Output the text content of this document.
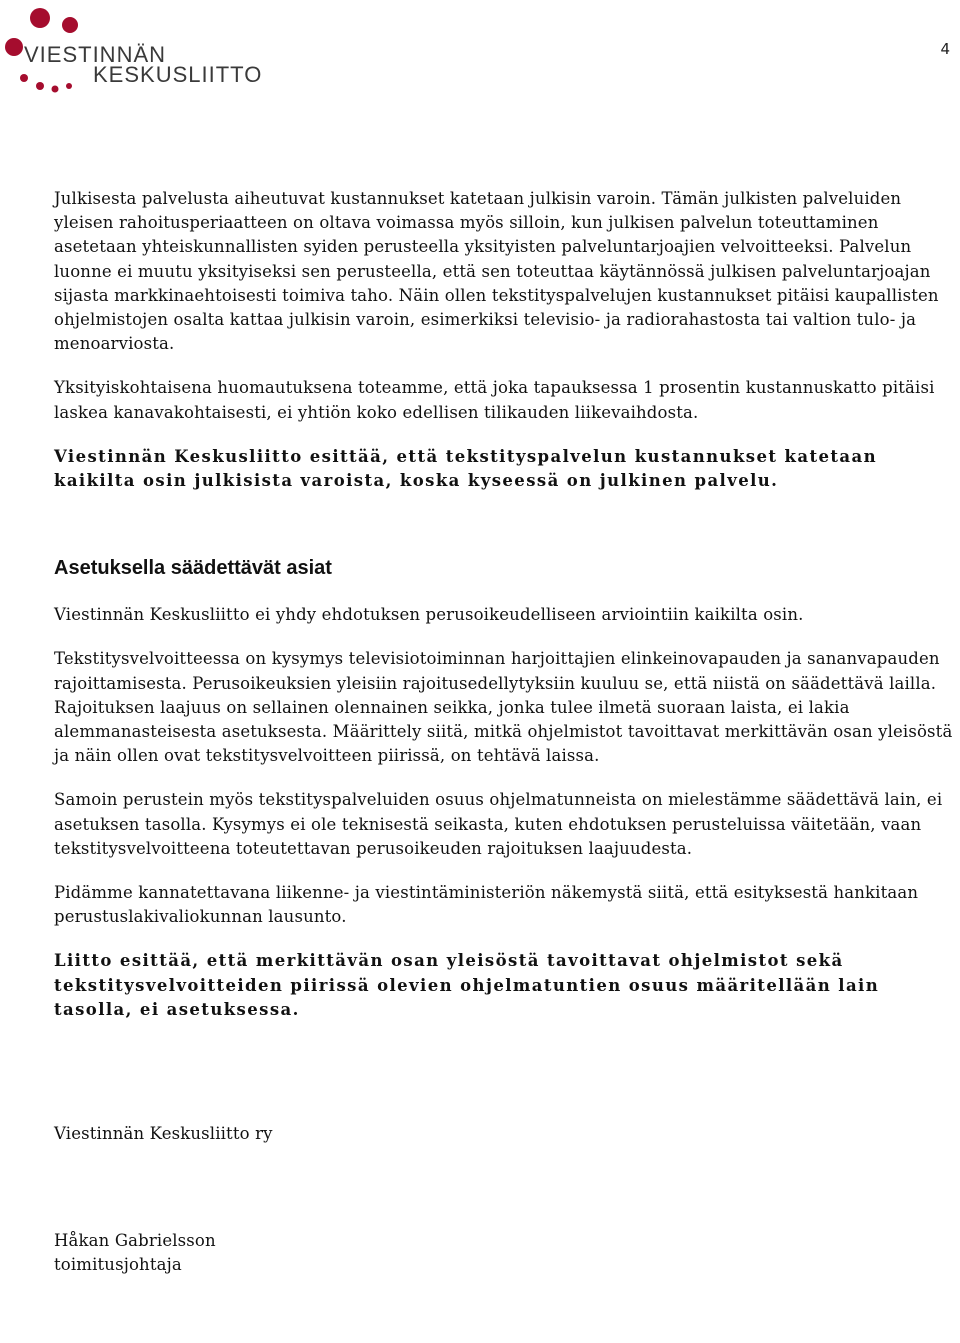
VIESTINNÄN
KESKUSLIITTO
4

Julkisesta palvelusta aiheutuvat kustannukset katetaan julkisin varoin. Tämän julkisten palveluiden yleisen rahoitusperiaatteen on oltava voimassa myös silloin, kun julkisen palvelun toteuttaminen asetetaan yhteiskunnallisten syiden perusteella yksityisten palveluntarjoajien velvoitteeksi. Palvelun luonne ei muutu yksityiseksi sen perusteella, että sen toteuttaa käytännössä julkisen palveluntarjoajan sijasta markkinaehtoisesti toimiva taho. Näin ollen tekstityspalvelujen kustannukset pitäisi kaupallisten ohjelmistojen osalta kattaa julkisin varoin, esimerkiksi televisio- ja radiorahastosta tai valtion tulo- ja menoarviosta.

Yksityiskohtaisena huomautuksena toteamme, että joka tapauksessa 1 prosentin kustannuskatto pitäisi laskea kanavakohtaisesti, ei yhtiön koko edellisen tilikauden liikevaihdosta.

Viestinnän Keskusliitto esittää, että tekstityspalvelun kustannukset katetaan kaikilta osin julkisista varoista, koska kyseessä on julkinen palvelu.

Asetuksella säädettävät asiat

Viestinnän Keskusliitto ei yhdy ehdotuksen perusoikeudelliseen arviointiin kaikilta osin.

Tekstitysvelvoitteessa on kysymys televisiotoiminnan harjoittajien elinkeinovapauden ja sananvapauden rajoittamisesta. Perusoikeuksien yleisiin rajoitusedellytyksiin kuuluu se, että niistä on säädettävä lailla. Rajoituksen laajuus on sellainen olennainen seikka, jonka tulee ilmetä suoraan laista, ei lakia alemmanasteisesta asetuksesta. Määrittely siitä, mitkä ohjelmistot tavoittavat merkittävän osan yleisöstä ja näin ollen ovat tekstitysvelvoitteen piirissä, on tehtävä laissa.

Samoin perustein myös tekstityspalveluiden osuus ohjelmatunneista on mielestämme säädettävä lain, ei asetuksen tasolla. Kysymys ei ole teknisestä seikasta, kuten ehdotuksen perusteluissa väitetään, vaan tekstitysvelvoitteena toteutettavan perusoikeuden rajoituksen laajuudesta.

Pidämme kannatettavana liikenne- ja viestintäministeriön näkemystä siitä, että esityksestä hankitaan perustuslakivaliokunnan lausunto.

Liitto esittää, että merkittävän osan yleisöstä tavoittavat ohjelmistot sekä tekstitysvelvoitteiden piirissä olevien ohjelmatuntien osuus määritellään lain tasolla, ei asetuksessa.

Viestinnän Keskusliitto ry

Håkan Gabrielsson

toimitusjohtaja
